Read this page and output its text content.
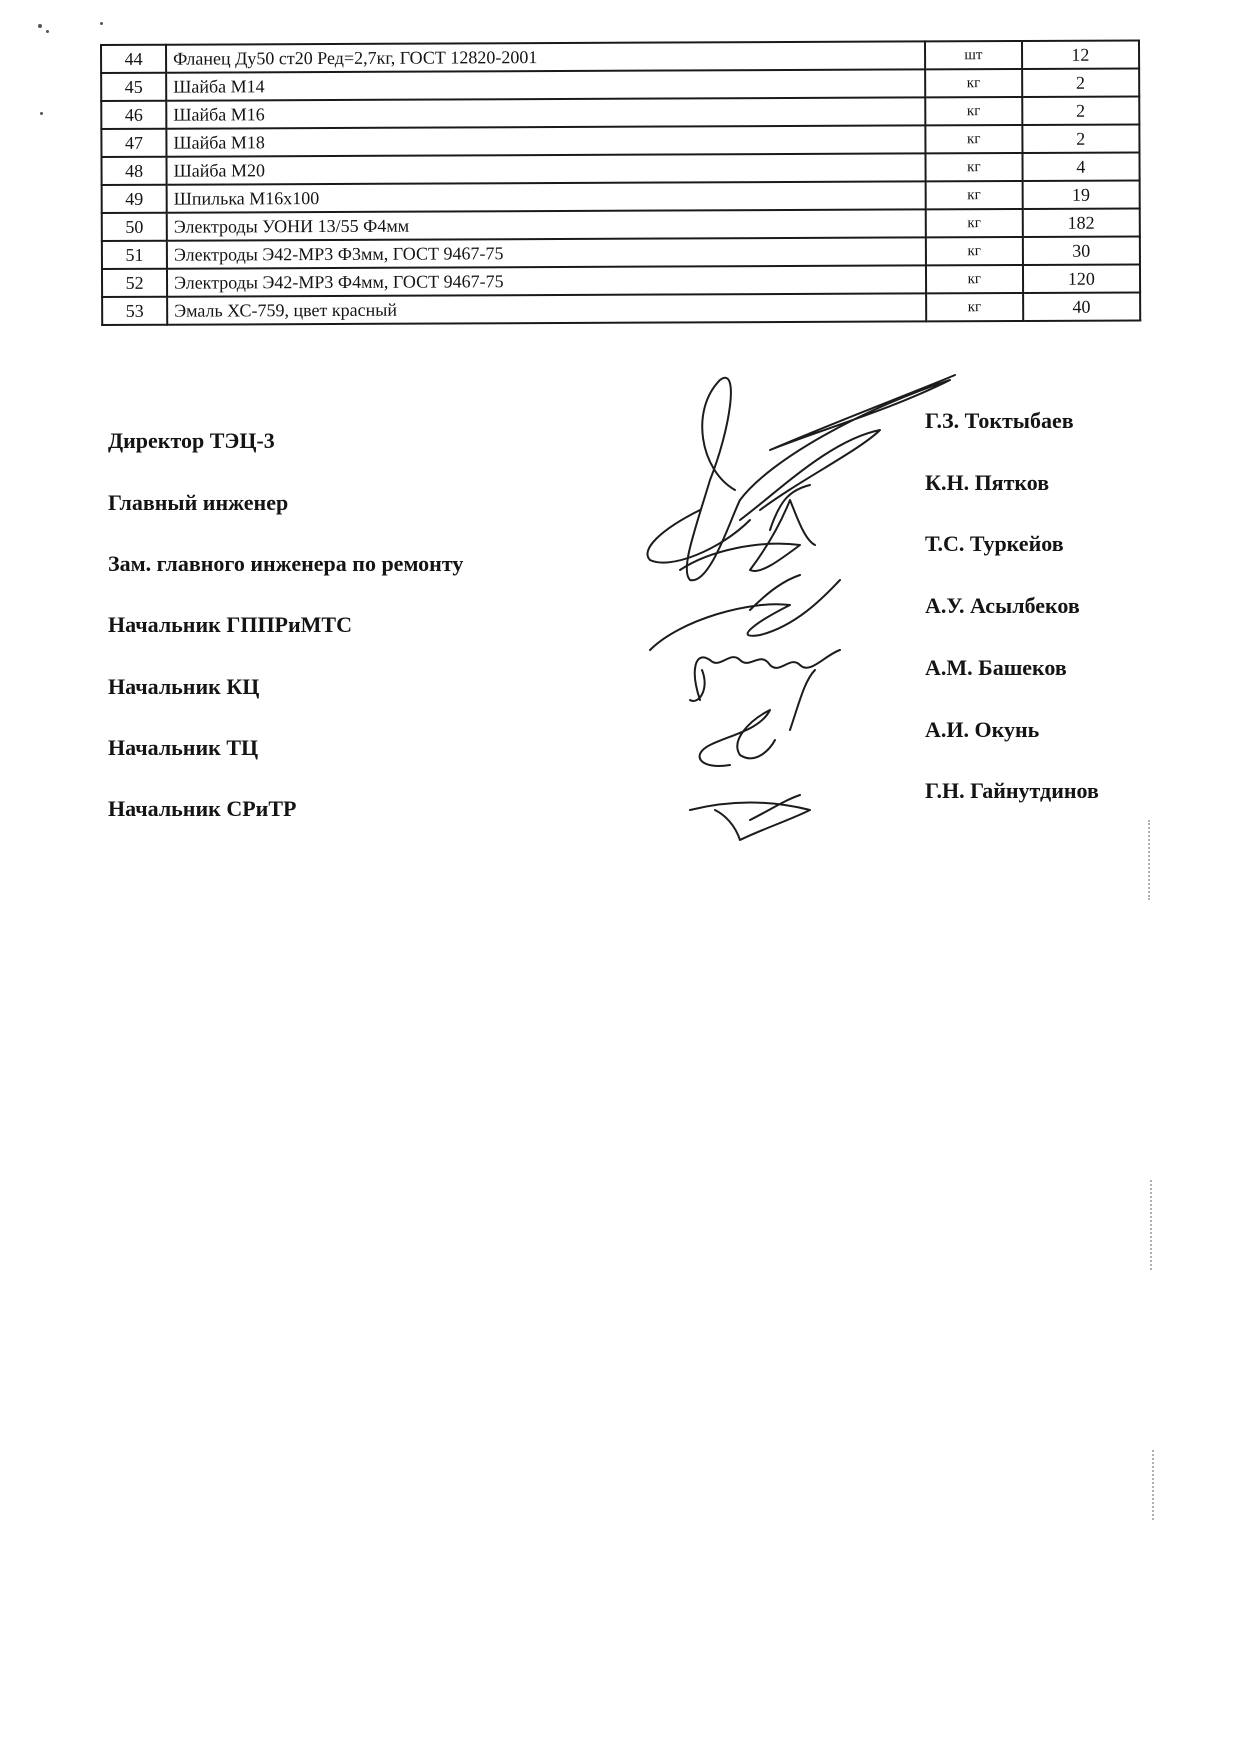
44	Фланец Ду50 ст20 Ред=2,7кг, ГОСТ 12820-2001	шт	12
45	Шайба М14	кг	2
46	Шайба М16	кг	2
47	Шайба М18	кг	2
48	Шайба М20	кг	4
49	Шпилька М16х100	кг	19
50	Электроды УОНИ 13/55 Ф4мм	кг	182
51	Электроды Э42-МР3 Ф3мм, ГОСТ 9467-75	кг	30
52	Электроды Э42-МР3 Ф4мм, ГОСТ 9467-75	кг	120
53	Эмаль ХС-759, цвет красный	кг	40
Директор ТЭЦ-3
Г.З. Токтыбаев
Главный инженер
К.Н. Пятков
Зам. главного инженера по ремонту
Т.С. Туркейов
Начальник ГППРиМТС
А.У. Асылбеков
Начальник КЦ
А.М. Башеков
Начальник ТЦ
А.И. Окунь
Начальник СРиТР
Г.Н. Гайнутдинов
